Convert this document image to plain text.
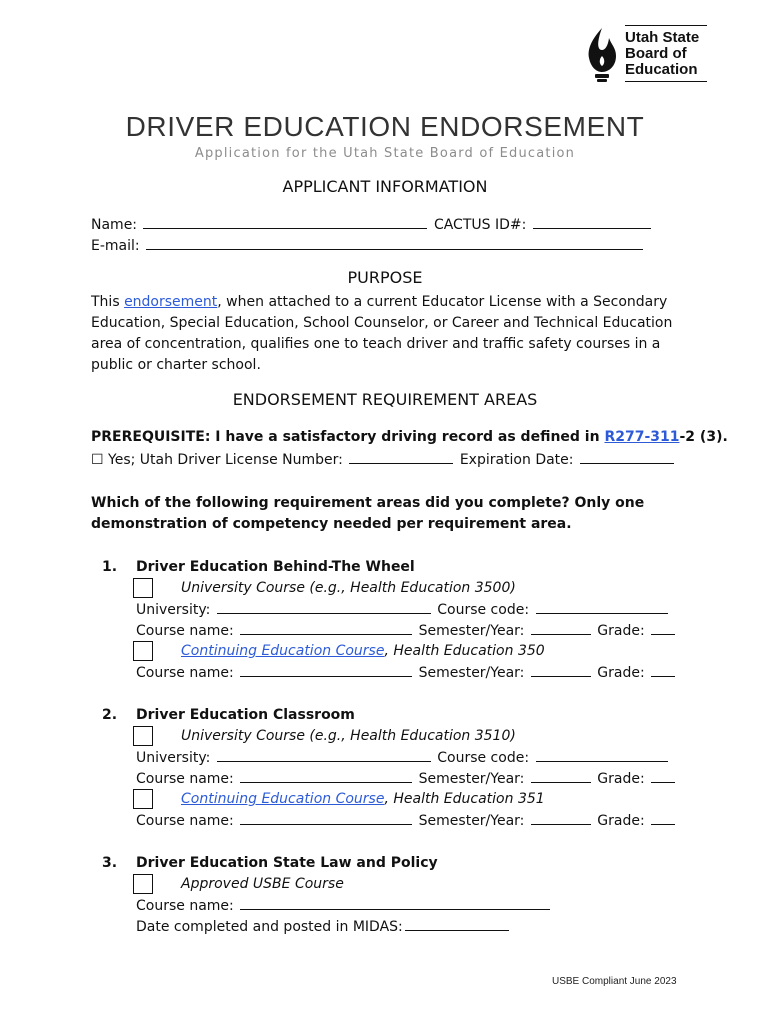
Utah State
Board of
Education
DRIVER EDUCATION ENDORSEMENT
Application for the Utah State Board of Education
APPLICANT INFORMATION
Name:	CACTUS ID#:
E-mail:
PURPOSE
This endorsement, when attached to a current Educator License with a Secondary Education, Special Education, School Counselor, or Career and Technical Education area of concentration, qualifies one to teach driver and traffic safety courses in a public or charter school.
ENDORSEMENT REQUIREMENT AREAS
PREREQUISITE: I have a satisfactory driving record as defined in R277-311-2 (3).
☐ Yes; Utah Driver License Number:	Expiration Date:
Which of the following requirement areas did you complete? Only one demonstration of competency needed per requirement area.
1. Driver Education Behind-The Wheel
University Course (e.g., Health Education 3500)
University:	Course code:
Course name:	Semester/Year:	Grade:
Continuing Education Course, Health Education 350
Course name:	Semester/Year:	Grade:
2. Driver Education Classroom
University Course (e.g., Health Education 3510)
University:	Course code:
Course name:	Semester/Year:	Grade:
Continuing Education Course, Health Education 351
Course name:	Semester/Year:	Grade:
3. Driver Education State Law and Policy
Approved USBE Course
Course name:
Date completed and posted in MIDAS:
USBE Compliant June 2023
